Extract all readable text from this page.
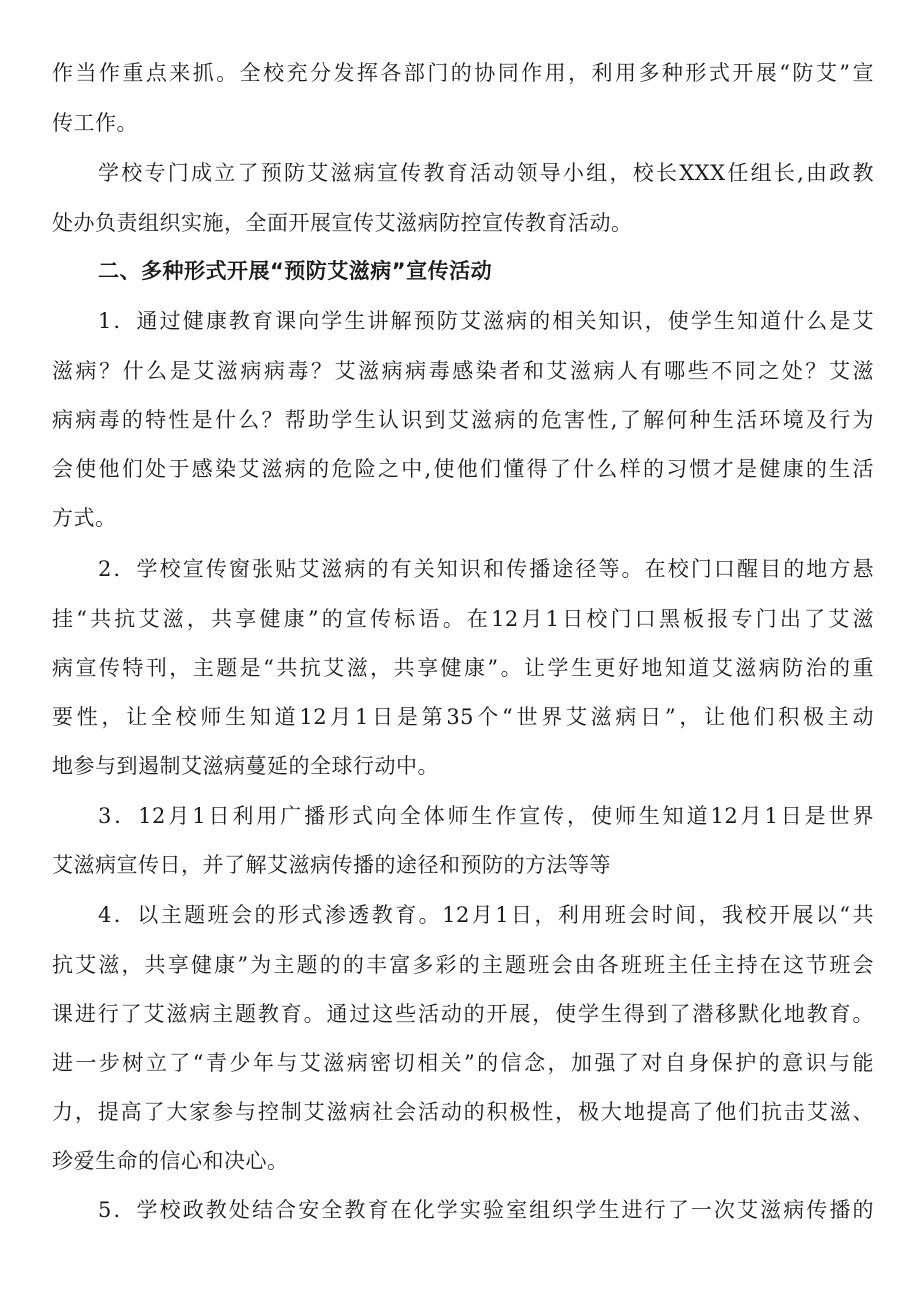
作当作重点来抓。全校充分发挥各部门的协同作用，利用多种形式开展“防艾”宣
传工作。
学校专门成立了预防艾滋病宣传教育活动领导小组，校长XXX任组长,由政教
处办负责组织实施，全面开展宣传艾滋病防控宣传教育活动。
二、多种形式开展“预防艾滋病”宣传活动
1．通过健康教育课向学生讲解预防艾滋病的相关知识，使学生知道什么是艾
滋病？什么是艾滋病病毒？艾滋病病毒感染者和艾滋病人有哪些不同之处？艾滋
病病毒的特性是什么？帮助学生认识到艾滋病的危害性,了解何种生活环境及行为
会使他们处于感染艾滋病的危险之中,使他们懂得了什么样的习惯才是健康的生活
方式。
2．学校宣传窗张贴艾滋病的有关知识和传播途径等。在校门口醒目的地方悬
挂“共抗艾滋，共享健康”的宣传标语。在12月1日校门口黑板报专门出了艾滋
病宣传特刊，主题是“共抗艾滋，共享健康”。让学生更好地知道艾滋病防治的重
要性，让全校师生知道12月1日是第35个“世界艾滋病日”，让他们积极主动
地参与到遏制艾滋病蔓延的全球行动中。
3．12月1日利用广播形式向全体师生作宣传，使师生知道12月1日是世界
艾滋病宣传日，并了解艾滋病传播的途径和预防的方法等等
4．以主题班会的形式渗透教育。12月1日，利用班会时间，我校开展以“共
抗艾滋，共享健康”为主题的的丰富多彩的主题班会由各班班主任主持在这节班会
课进行了艾滋病主题教育。通过这些活动的开展，使学生得到了潜移默化地教育。
进一步树立了“青少年与艾滋病密切相关”的信念，加强了对自身保护的意识与能
力，提高了大家参与控制艾滋病社会活动的积极性，极大地提高了他们抗击艾滋、
珍爱生命的信心和决心。
5．学校政教处结合安全教育在化学实验室组织学生进行了一次艾滋病传播的
